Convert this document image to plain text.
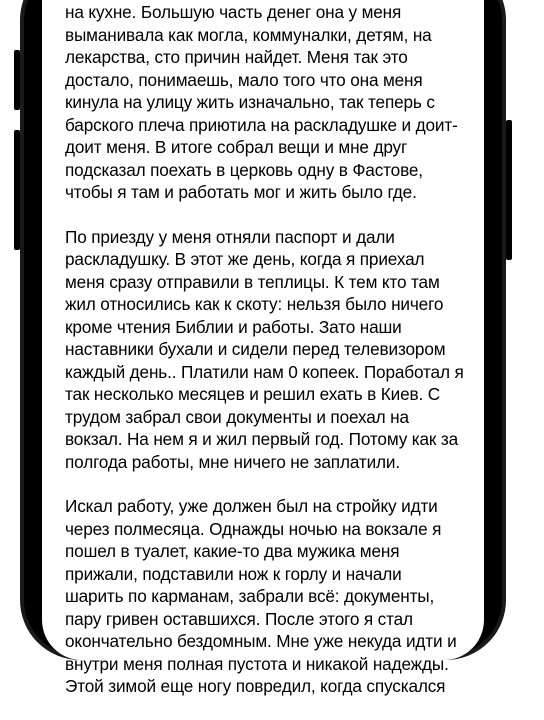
на кухне. Большую часть денег она у меня
выманивала как могла, коммуналки, детям, на
лекарства, сто причин найдет. Меня так это
достало, понимаешь, мало того что она меня
кинула на улицу жить изначально, так теперь с
барского плеча приютила на раскладушке и доит-
доит меня. В итоге собрал вещи и мне друг
подсказал поехать в церковь одну в Фастове,
чтобы я там и работать мог и жить было где.

По приезду у меня отняли паспорт и дали
раскладушку. В этот же день, когда я приехал
меня сразу отправили в теплицы. К тем кто там
жил относились как к скоту: нельзя было ничего
кроме чтения Библии и работы. Зато наши
наставники бухали и сидели перед телевизором
каждый день.. Платили нам 0 копеек. Поработал я
так несколько месяцев и решил ехать в Киев. С
трудом забрал свои документы и поехал на
вокзал. На нем я и жил первый год. Потому как за
полгода работы, мне ничего не заплатили.

Искал работу, уже должен был на стройку идти
через полмесяца. Однажды ночью на вокзале я
пошел в туалет, какие-то два мужика меня
прижали, подставили нож к горлу и начали
шарить по карманам, забрали всё: документы,
пару гривен оставшихся. После этого я стал
окончательно бездомным. Мне уже некуда идти и
внутри меня полная пустота и никакой надежды.
Этой зимой еще ногу повредил, когда спускался
